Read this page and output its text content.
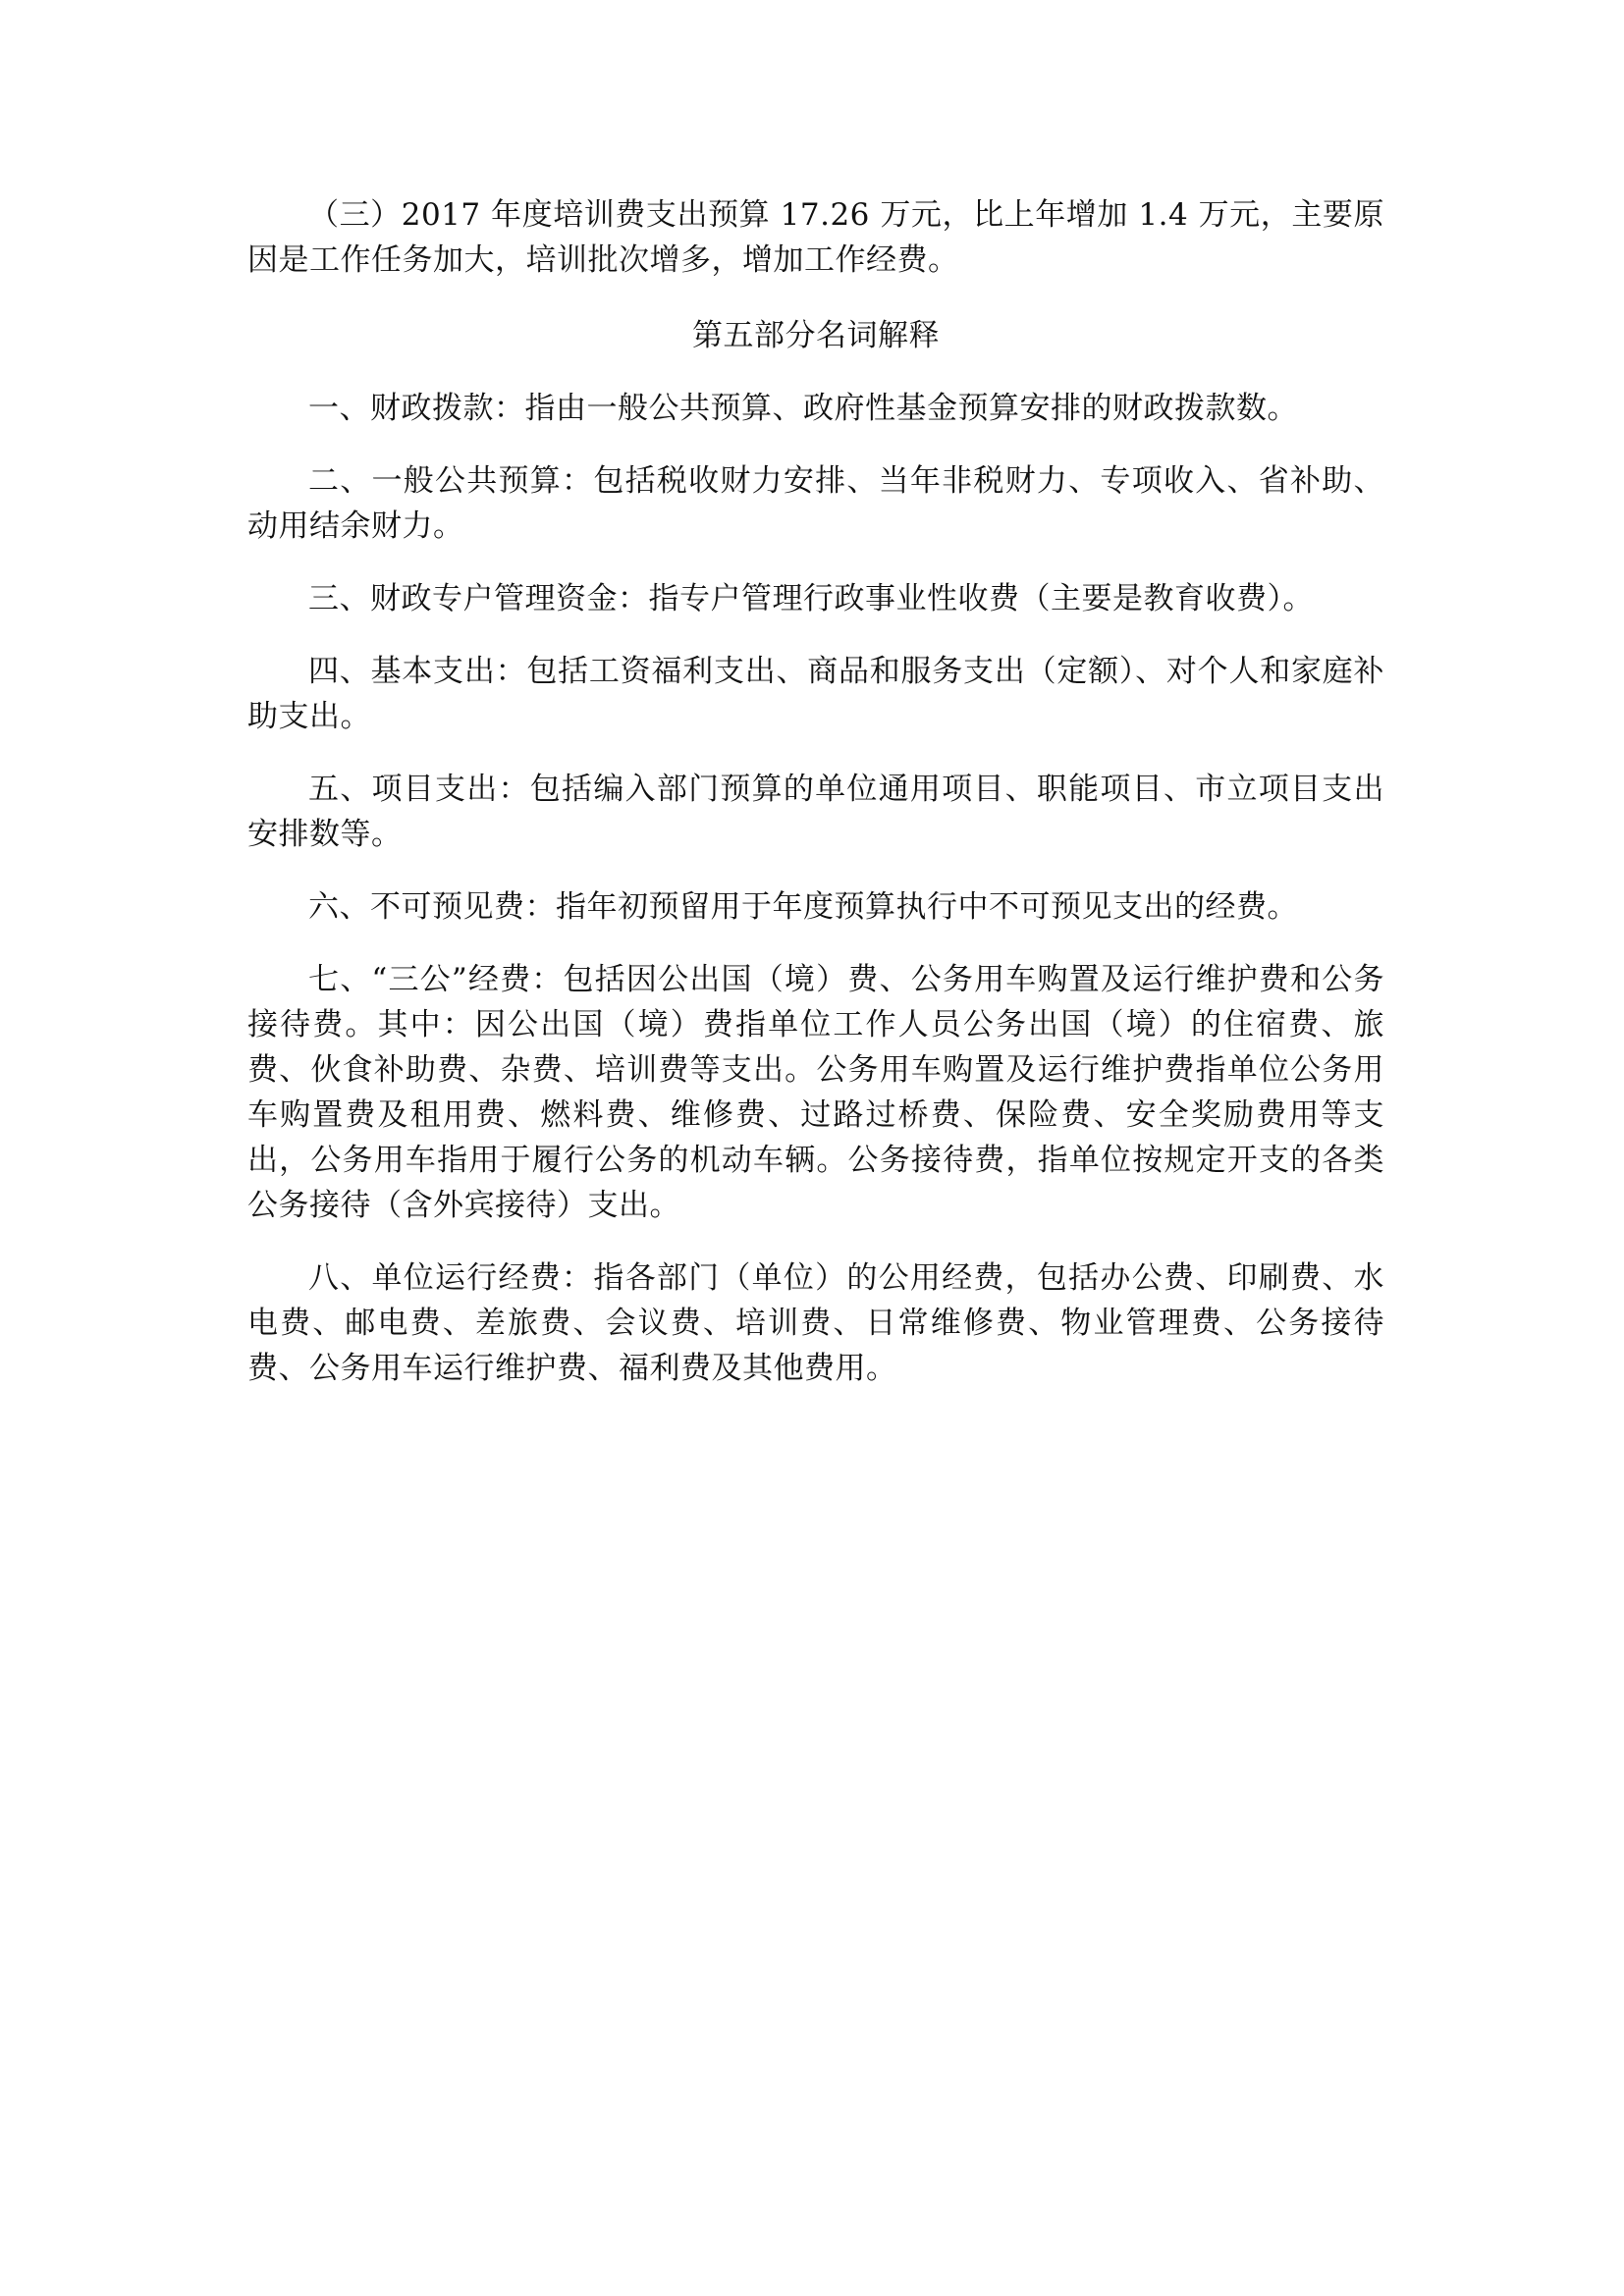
（三）2017 年度培训费支出预算 17.26 万元，比上年增加 1.4 万元，主要原因是工作任务加大，培训批次增多，增加工作经费。

第五部分名词解释

一、财政拨款：指由一般公共预算、政府性基金预算安排的财政拨款数。

二、一般公共预算：包括税收财力安排、当年非税财力、专项收入、省补助、动用结余财力。

三、财政专户管理资金：指专户管理行政事业性收费（主要是教育收费）。

四、基本支出：包括工资福利支出、商品和服务支出（定额）、对个人和家庭补助支出。

五、项目支出：包括编入部门预算的单位通用项目、职能项目、市立项目支出安排数等。

六、不可预见费：指年初预留用于年度预算执行中不可预见支出的经费。

七、“三公”经费：包括因公出国（境）费、公务用车购置及运行维护费和公务接待费。其中：因公出国（境）费指单位工作人员公务出国（境）的住宿费、旅费、伙食补助费、杂费、培训费等支出。公务用车购置及运行维护费指单位公务用车购置费及租用费、燃料费、维修费、过路过桥费、保险费、安全奖励费用等支出，公务用车指用于履行公务的机动车辆。公务接待费，指单位按规定开支的各类公务接待（含外宾接待）支出。

八、单位运行经费：指各部门（单位）的公用经费，包括办公费、印刷费、水电费、邮电费、差旅费、会议费、培训费、日常维修费、物业管理费、公务接待费、公务用车运行维护费、福利费及其他费用。
